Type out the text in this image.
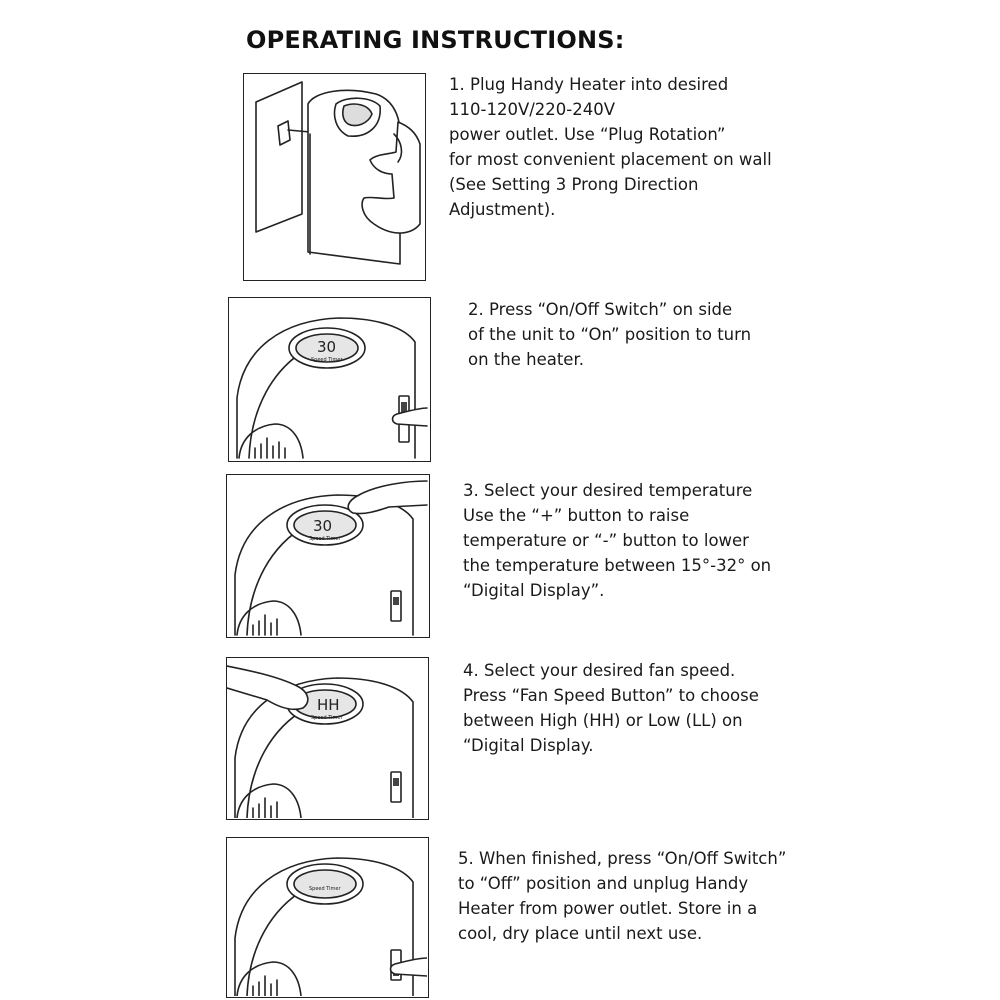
OPERATING INSTRUCTIONS:

1. Plug Handy Heater into desired
110-120V/220-240V
power outlet. Use “Plug Rotation”
for most convenient placement on wall
(See Setting 3 Prong Direction
Adjustment).

30
Speed Timer

2. Press “On/Off Switch” on side
of the unit to “On” position to turn
on the heater.

30
Speed Timer

3. Select your desired temperature
Use the “+” button to raise
temperature or “-” button to lower
the temperature between 15°-32° on
“Digital Display”.

HH
Speed Timer

4. Select your desired fan speed.
Press “Fan Speed Button” to choose
between High (HH) or Low (LL) on
“Digital Display.

Speed Timer

5. When finished, press “On/Off Switch”
to “Off” position and unplug Handy
Heater from power outlet. Store in a
cool, dry place until next use.
